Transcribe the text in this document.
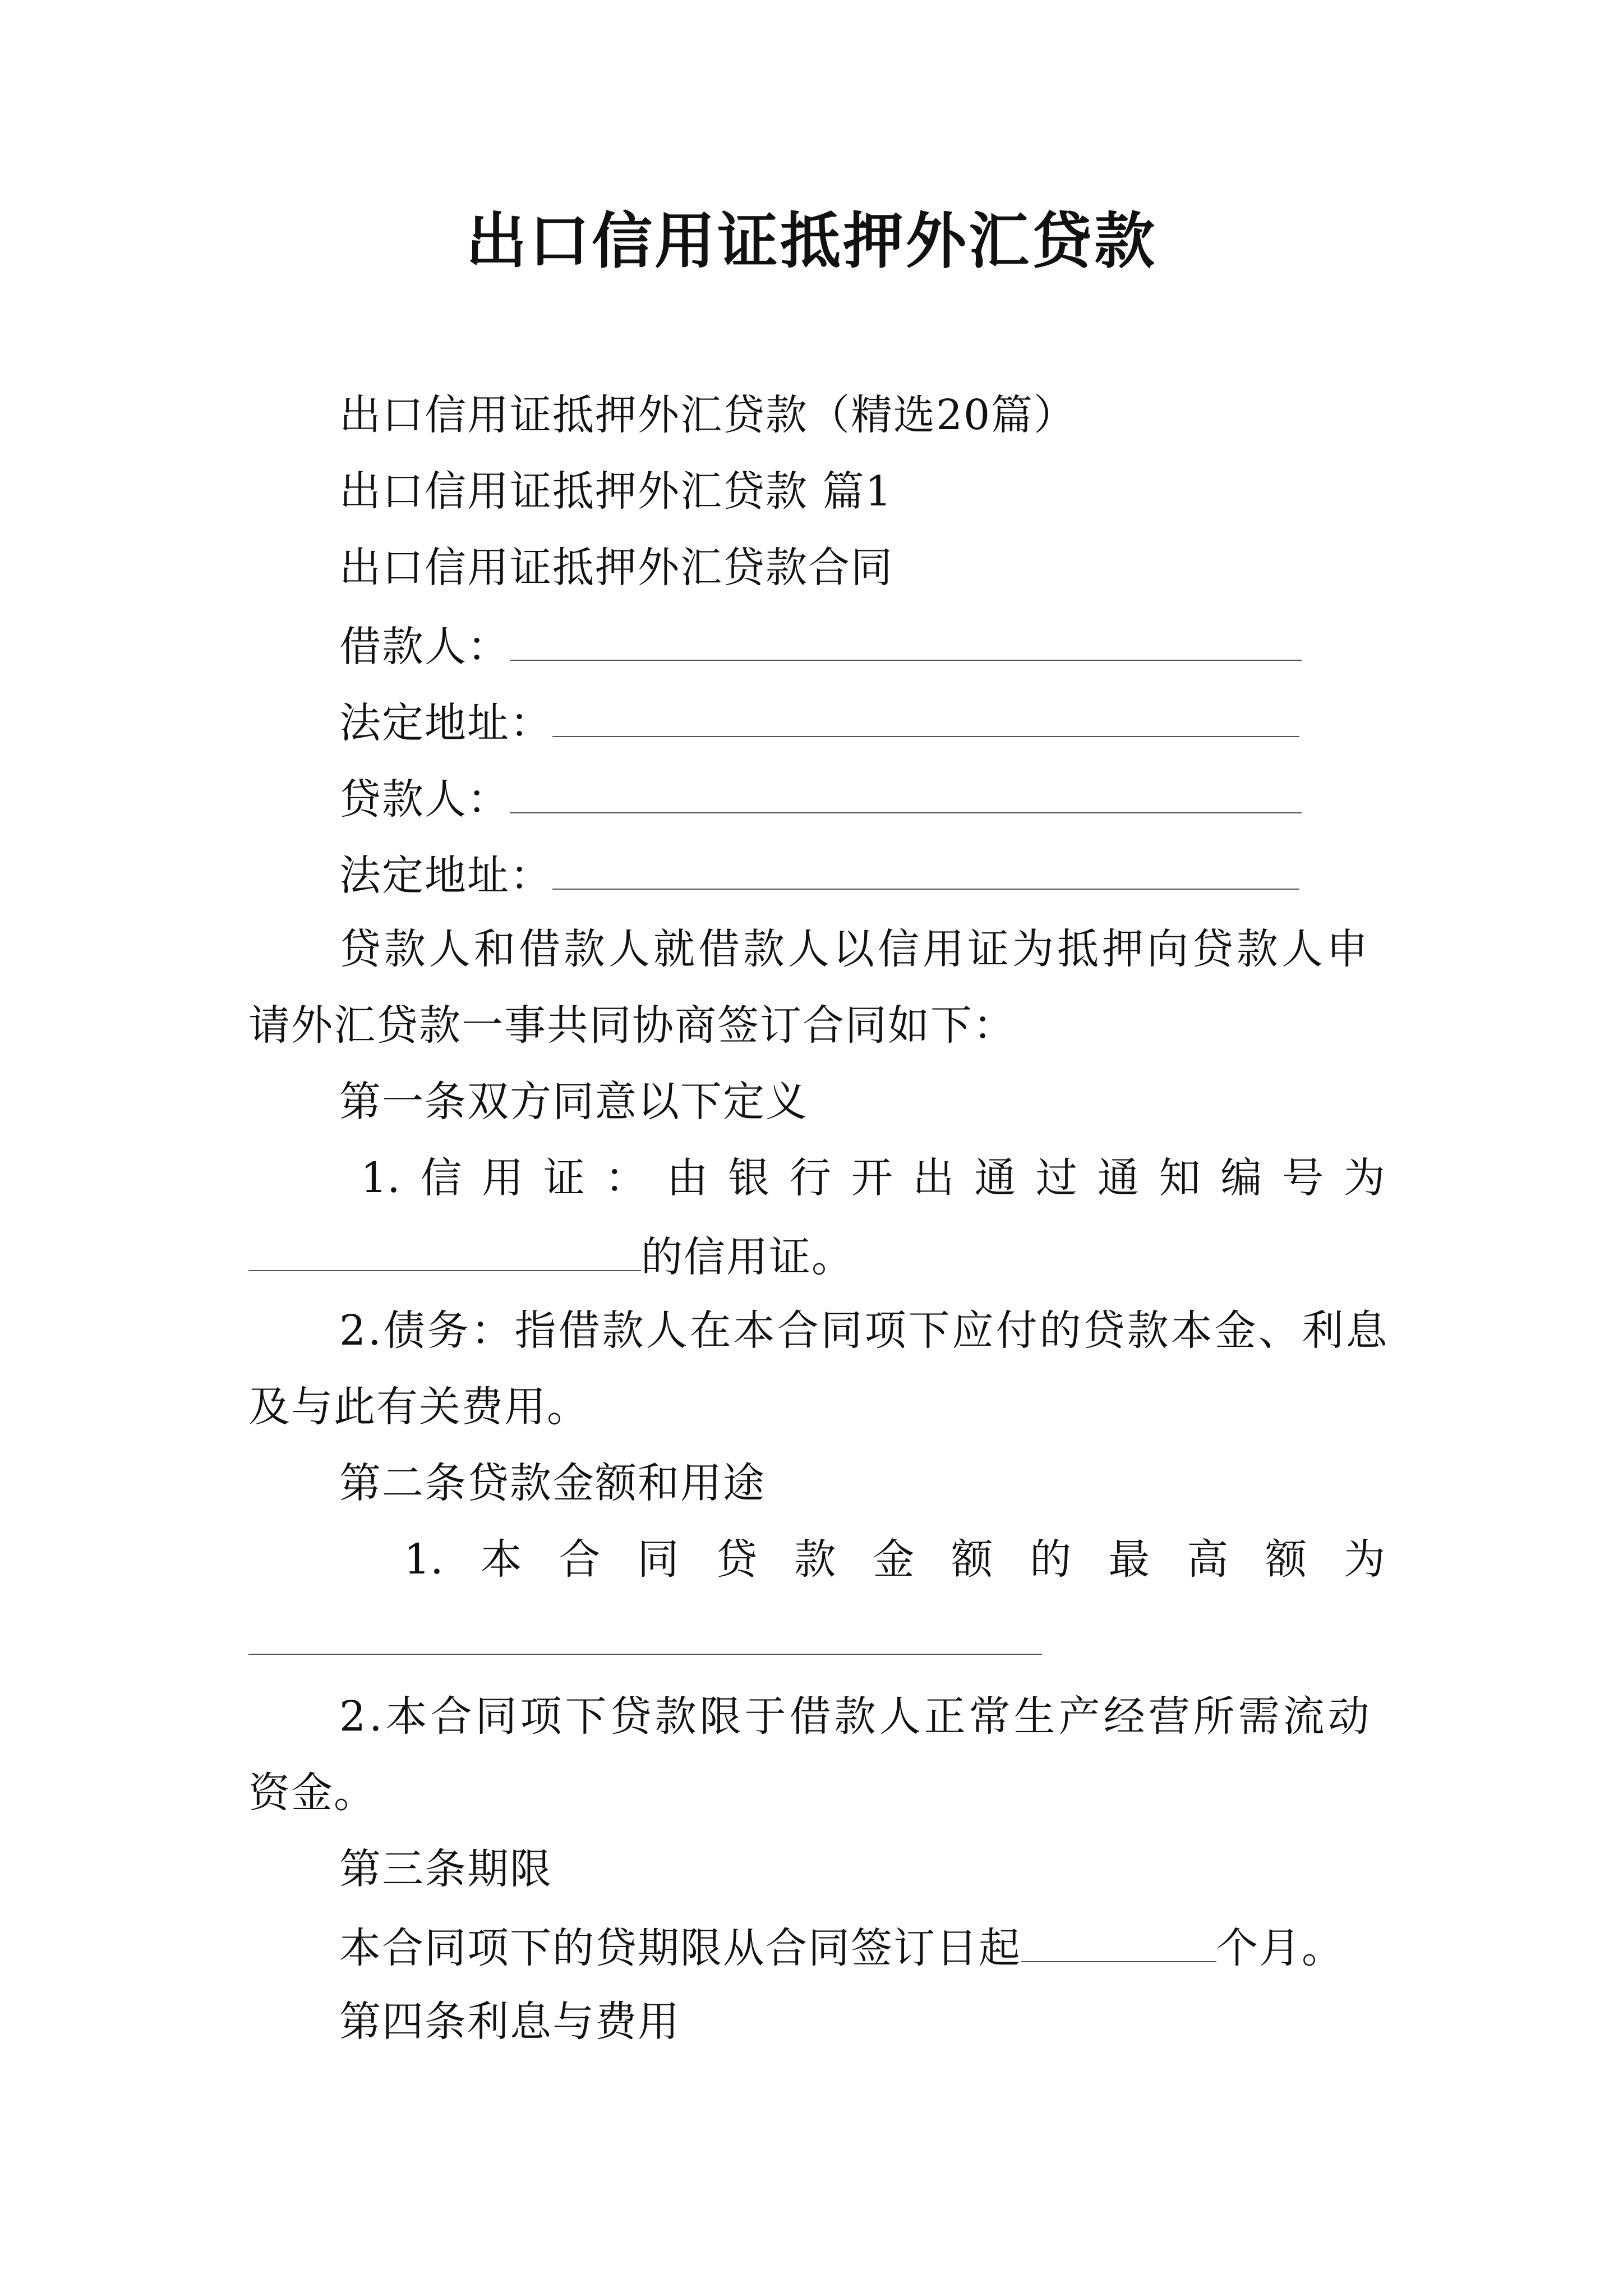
出口信用证抵押外汇贷款
出口信用证抵押外汇贷款（精选20篇）
出口信用证抵押外汇贷款 篇1
出口信用证抵押外汇贷款合同
借款人：
法定地址：
贷款人：
法定地址：
贷款人和借款人就借款人以信用证为抵押向贷款人申
请外汇贷款一事共同协商签订合同如下：
第一条双方同意以下定义
1. 信 用 证 ： 由 银 行 开 出 通 过 通 知 编 号 为
的信用证。
2.债务：指借款人在本合同项下应付的贷款本金、利息
及与此有关费用。
第二条贷款金额和用途
1. 本 合 同 贷 款 金 额 的 最 高 额 为
2.本合同项下贷款限于借款人正常生产经营所需流动
资金。
第三条期限
本合同项下的贷期限从合同签订日起	个月。
第四条利息与费用
